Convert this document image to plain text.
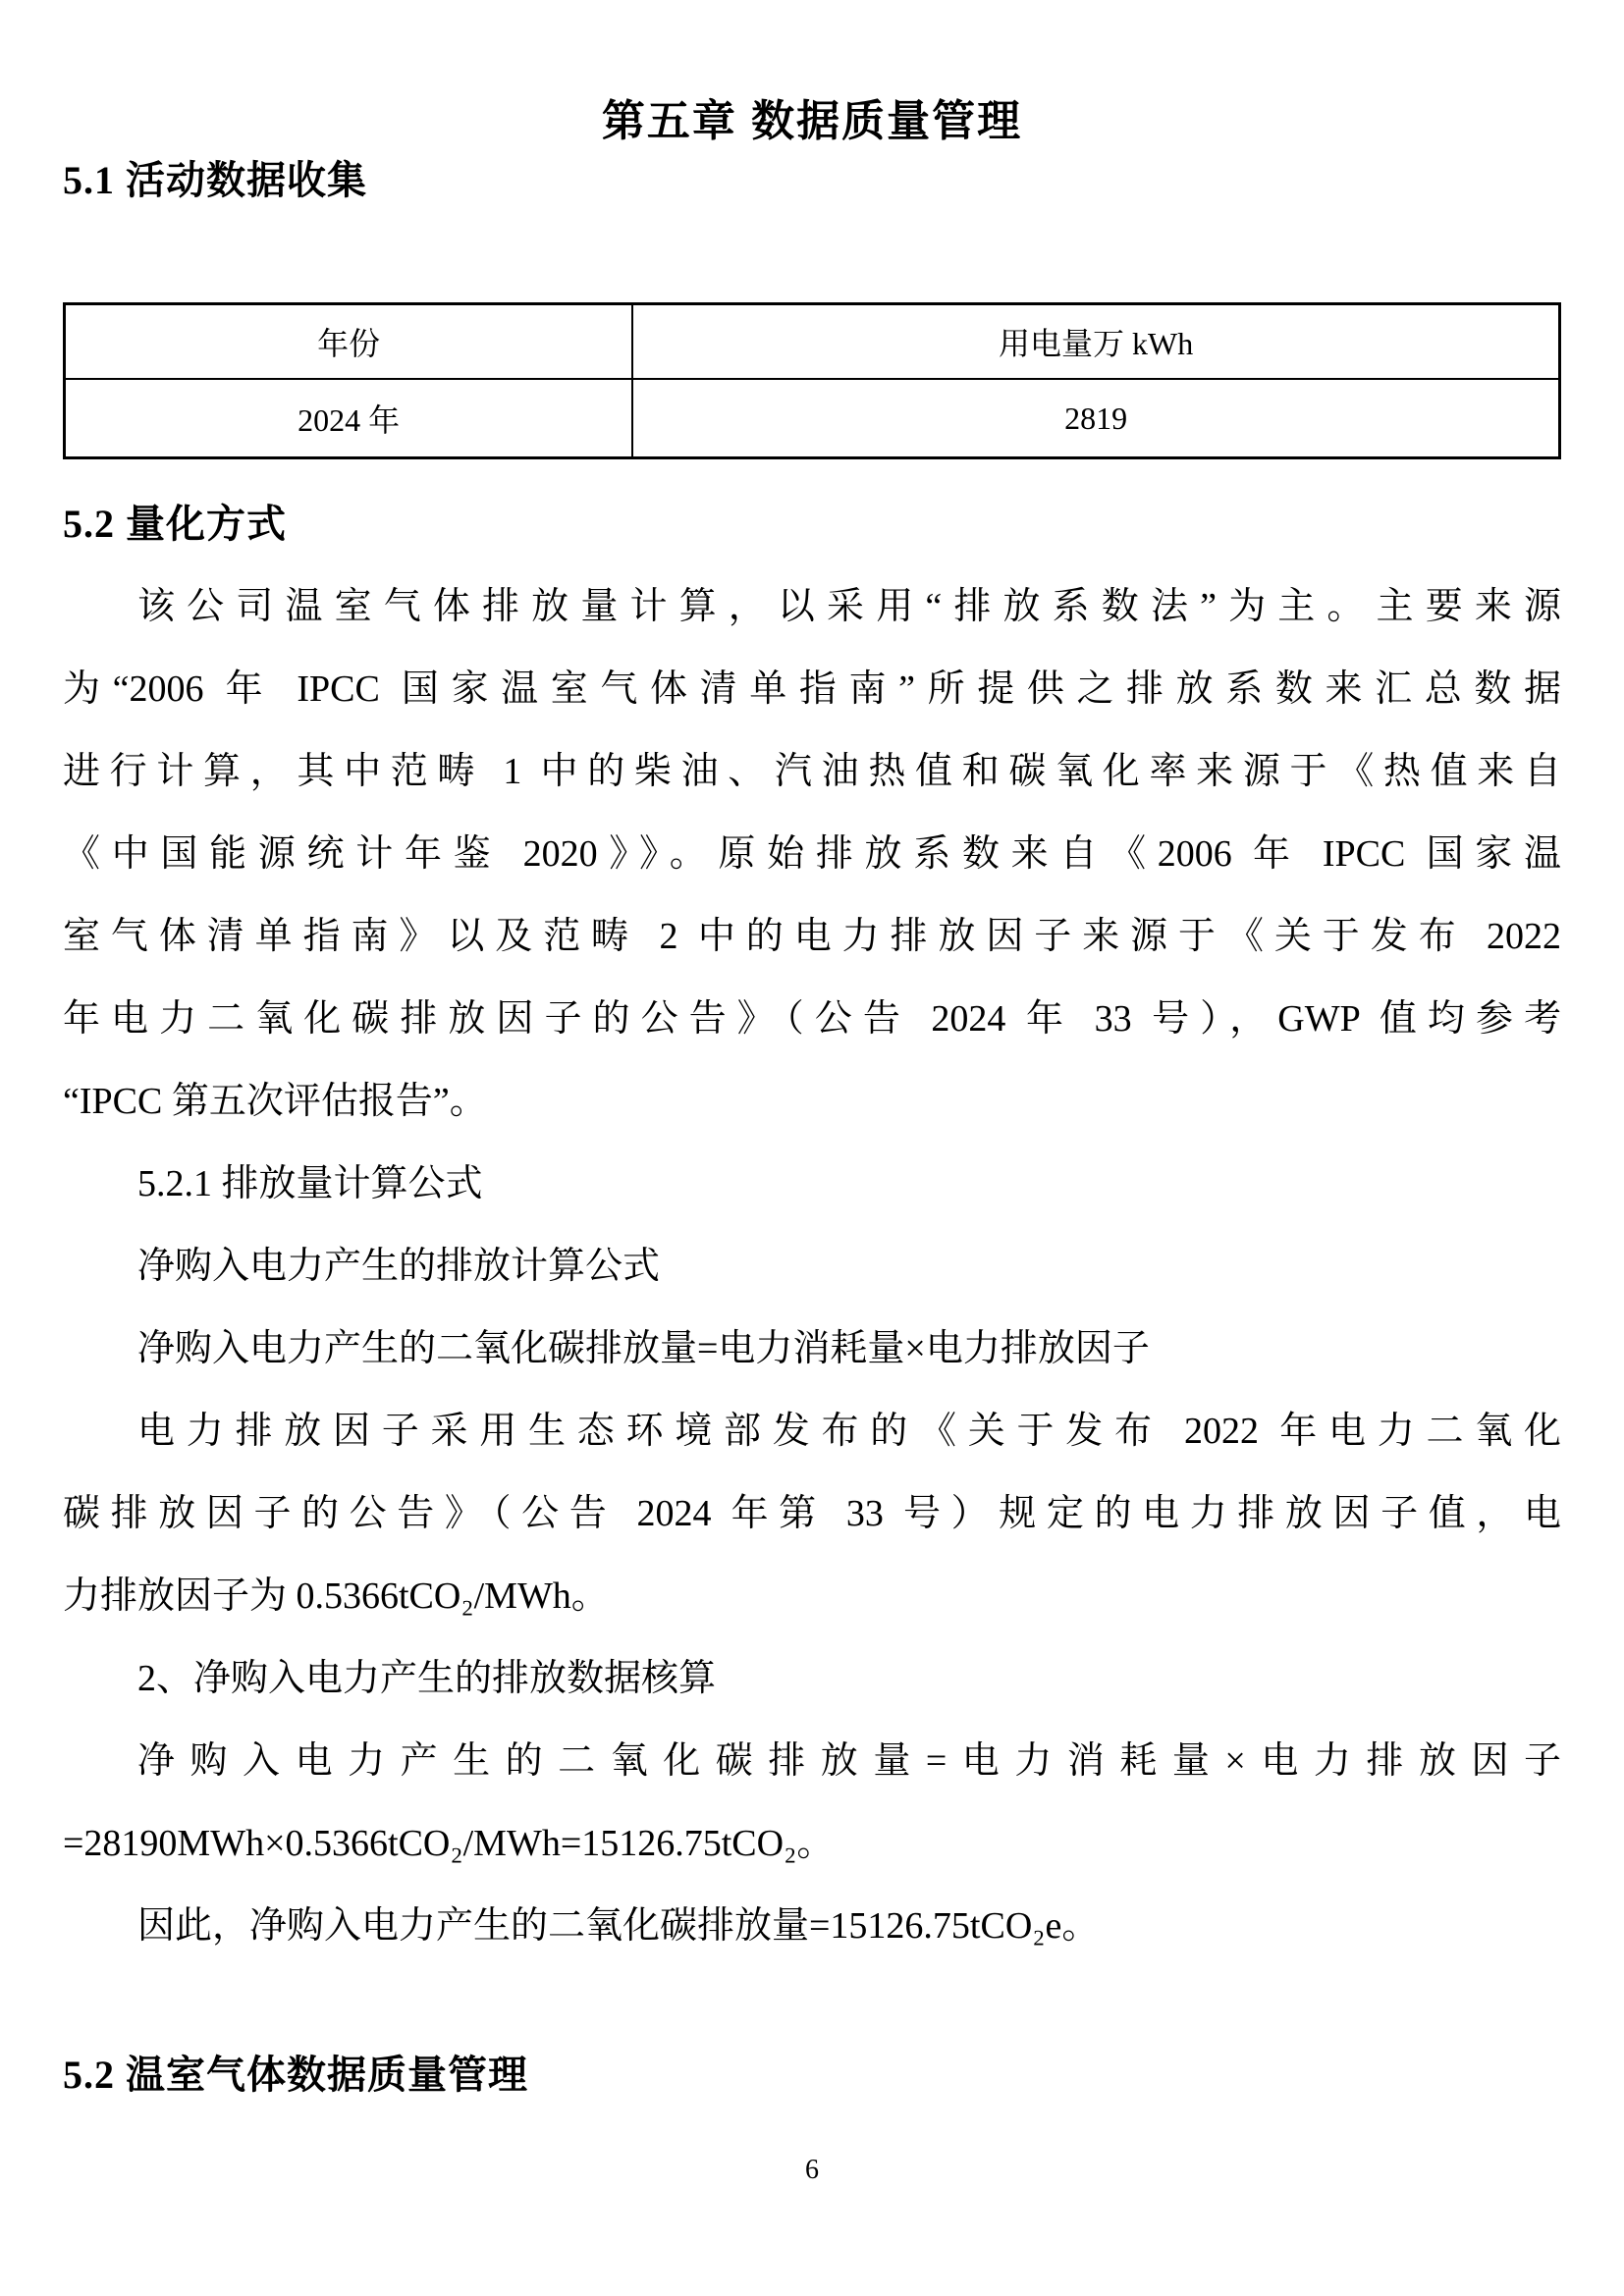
第五章 数据质量管理
5.1 活动数据收集
年份	用电量万 kWh
2024 年	2819
5.2 量化方式
该公司温室气体排放量计算，以采用“排放系数法”为主。主要来源
为“2006 年 IPCC 国家温室气体清单指南”所提供之排放系数来汇总数据
进行计算，其中范畴 1 中的柴油、汽油热值和碳氧化率来源于《热值来自
《中国能源统计年鉴 2020》》。原始排放系数来自《2006 年 IPCC 国家温
室气体清单指南》以及范畴 2 中的电力排放因子来源于《关于发布 2022
年电力二氧化碳排放因子的公告》（公告 2024 年 33 号），GWP 值均参考
“IPCC 第五次评估报告”。
5.2.1 排放量计算公式
净购入电力产生的排放计算公式
净购入电力产生的二氧化碳排放量=电力消耗量×电力排放因子
电力排放因子采用生态环境部发布的《关于发布 2022 年电力二氧化
碳排放因子的公告》（公告 2024 年第 33 号）规定的电力排放因子值，电
力排放因子为 0.5366tCO₂/MWh。
2、净购入电力产生的排放数据核算
净购入电力产生的二氧化碳排放量=电力消耗量×电力排放因子
=28190MWh×0.5366tCO₂/MWh=15126.75tCO₂。
因此，净购入电力产生的二氧化碳排放量=15126.75tCO₂e。
5.2 温室气体数据质量管理
6
